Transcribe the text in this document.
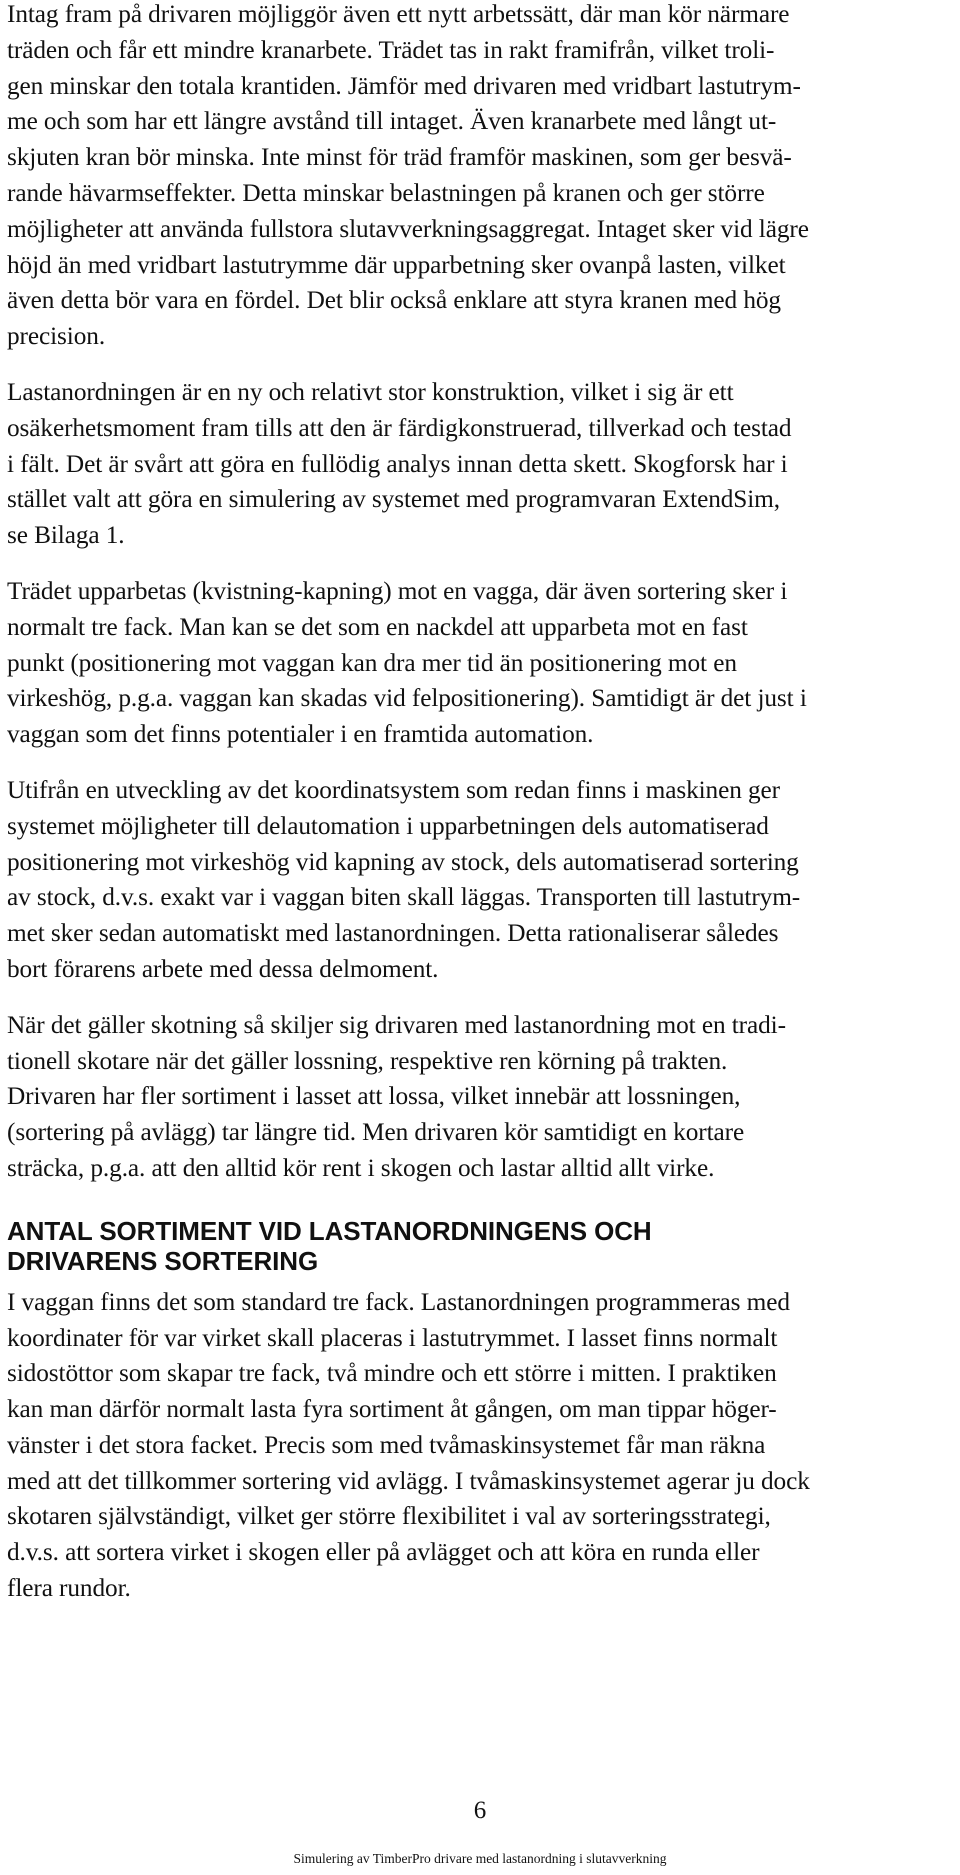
Intag fram på drivaren möjliggör även ett nytt arbetssätt, där man kör närmare
träden och får ett mindre kranarbete. Trädet tas in rakt framifrån, vilket troli-
gen minskar den totala krantiden. Jämför med drivaren med vridbart lastutrym-
me och som har ett längre avstånd till intaget. Även kranarbete med långt ut-
skjuten kran bör minska. Inte minst för träd framför maskinen, som ger besvä-
rande hävarmseffekter. Detta minskar belastningen på kranen och ger större
möjligheter att använda fullstora slutavverkningsaggregat. Intaget sker vid lägre
höjd än med vridbart lastutrymme där upparbetning sker ovanpå lasten, vilket
även detta bör vara en fördel. Det blir också enklare att styra kranen med hög
precision.

Lastanordningen är en ny och relativt stor konstruktion, vilket i sig är ett
osäkerhetsmoment fram tills att den är färdigkonstruerad, tillverkad och testad
i fält. Det är svårt att göra en fullödig analys innan detta skett. Skogforsk har i
stället valt att göra en simulering av systemet med programvaran ExtendSim,
se Bilaga 1.

Trädet upparbetas (kvistning-kapning) mot en vagga, där även sortering sker i
normalt tre fack. Man kan se det som en nackdel att upparbeta mot en fast
punkt (positionering mot vaggan kan dra mer tid än positionering mot en
virkeshög, p.g.a. vaggan kan skadas vid felpositionering). Samtidigt är det just i
vaggan som det finns potentialer i en framtida automation.

Utifrån en utveckling av det koordinatsystem som redan finns i maskinen ger
systemet möjligheter till delautomation i upparbetningen dels automatiserad
positionering mot virkeshög vid kapning av stock, dels automatiserad sortering
av stock, d.v.s. exakt var i vaggan biten skall läggas. Transporten till lastutrym-
met sker sedan automatiskt med lastanordningen. Detta rationaliserar således
bort förarens arbete med dessa delmoment.

När det gäller skotning så skiljer sig drivaren med lastanordning mot en tradi-
tionell skotare när det gäller lossning, respektive ren körning på trakten.
Drivaren har fler sortiment i lasset att lossa, vilket innebär att lossningen,
(sortering på avlägg) tar längre tid. Men drivaren kör samtidigt en kortare
sträcka, p.g.a. att den alltid kör rent i skogen och lastar alltid allt virke.

ANTAL SORTIMENT VID LASTANORDNINGENS OCH
DRIVARENS SORTERING

I vaggan finns det som standard tre fack. Lastanordningen programmeras med
koordinater för var virket skall placeras i lastutrymmet. I lasset finns normalt
sidostöttor som skapar tre fack, två mindre och ett större i mitten. I praktiken
kan man därför normalt lasta fyra sortiment åt gången, om man tippar höger-
vänster i det stora facket. Precis som med tvåmaskinsystemet får man räkna
med att det tillkommer sortering vid avlägg. I tvåmaskinsystemet agerar ju dock
skotaren självständigt, vilket ger större flexibilitet i val av sorteringsstrategi,
d.v.s. att sortera virket i skogen eller på avlägget och att köra en runda eller
flera rundor.

6
Simulering av TimberPro drivare med lastanordning i slutavverkning
